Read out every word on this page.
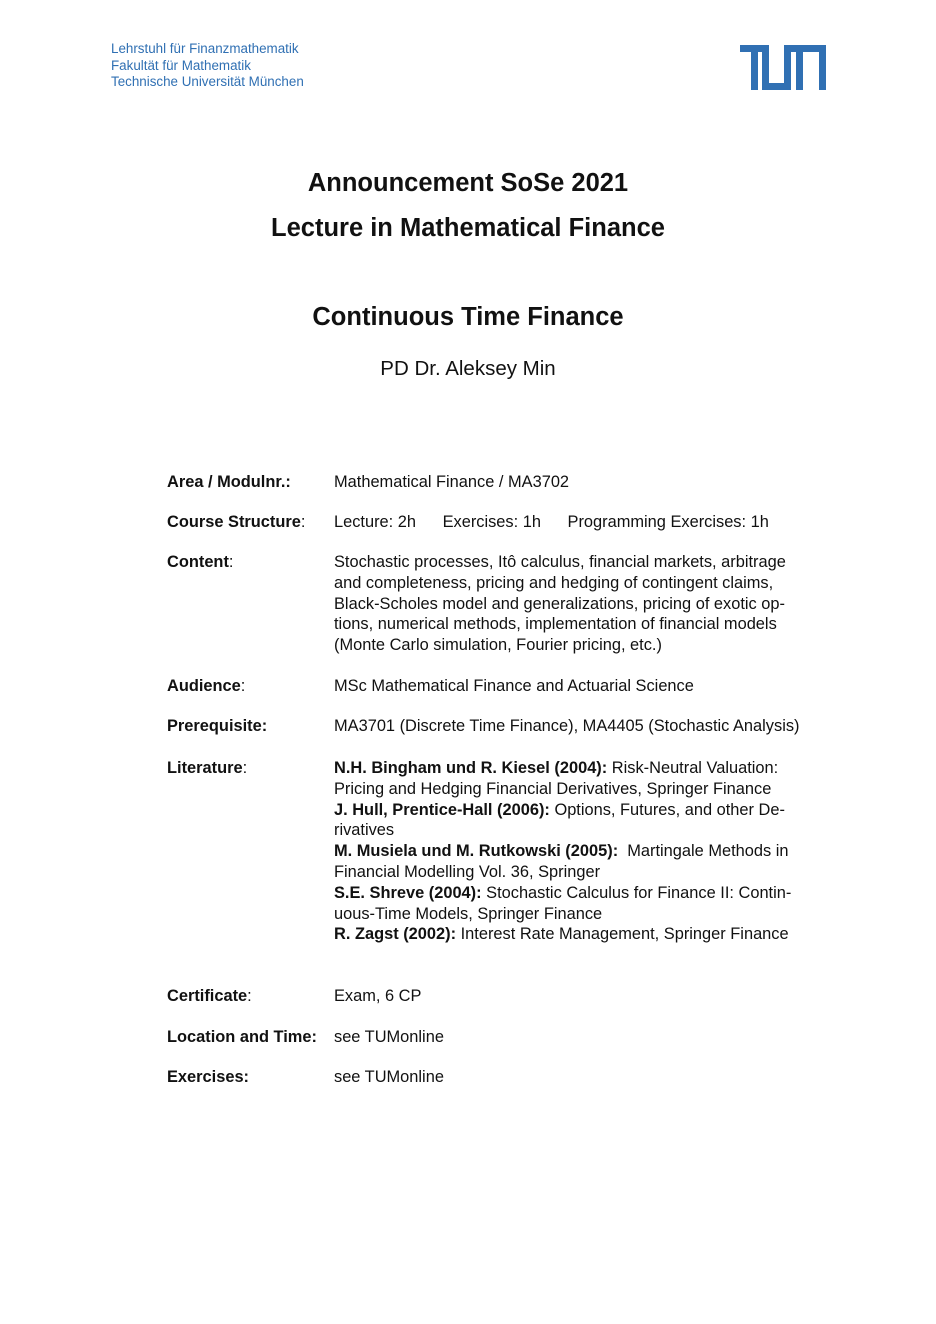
Lehrstuhl für Finanzmathematik
Fakultät für Mathematik
Technische Universität München
Announcement SoSe 2021
Lecture in Mathematical Finance
Continuous Time Finance
PD Dr. Aleksey Min
Area / Modulnr.:	Mathematical Finance / MA3702
Course Structure:	Lecture: 2h Exercises: 1h Programming Exercises: 1h
Content:	Stochastic processes, Itô calculus, financial markets, arbitrage
and completeness, pricing and hedging of contingent claims,
Black-Scholes model and generalizations, pricing of exotic op-
tions, numerical methods, implementation of financial models
(Monte Carlo simulation, Fourier pricing, etc.)
Audience:	MSc Mathematical Finance and Actuarial Science
Prerequisite:	MA3701 (Discrete Time Finance), MA4405 (Stochastic Analysis)
Literature:	N.H. Bingham und R. Kiesel (2004): Risk-Neutral Valuation:
Pricing and Hedging Financial Derivatives, Springer Finance
J. Hull, Prentice-Hall (2006): Options, Futures, and other De-
rivatives
M. Musiela und M. Rutkowski (2005):  Martingale Methods in
Financial Modelling Vol. 36, Springer
S.E. Shreve (2004): Stochastic Calculus for Finance II: Contin-
uous-Time Models, Springer Finance
R. Zagst (2002): Interest Rate Management, Springer Finance
Certificate:	Exam, 6 CP
Location and Time:	see TUMonline
Exercises:	see TUMonline
